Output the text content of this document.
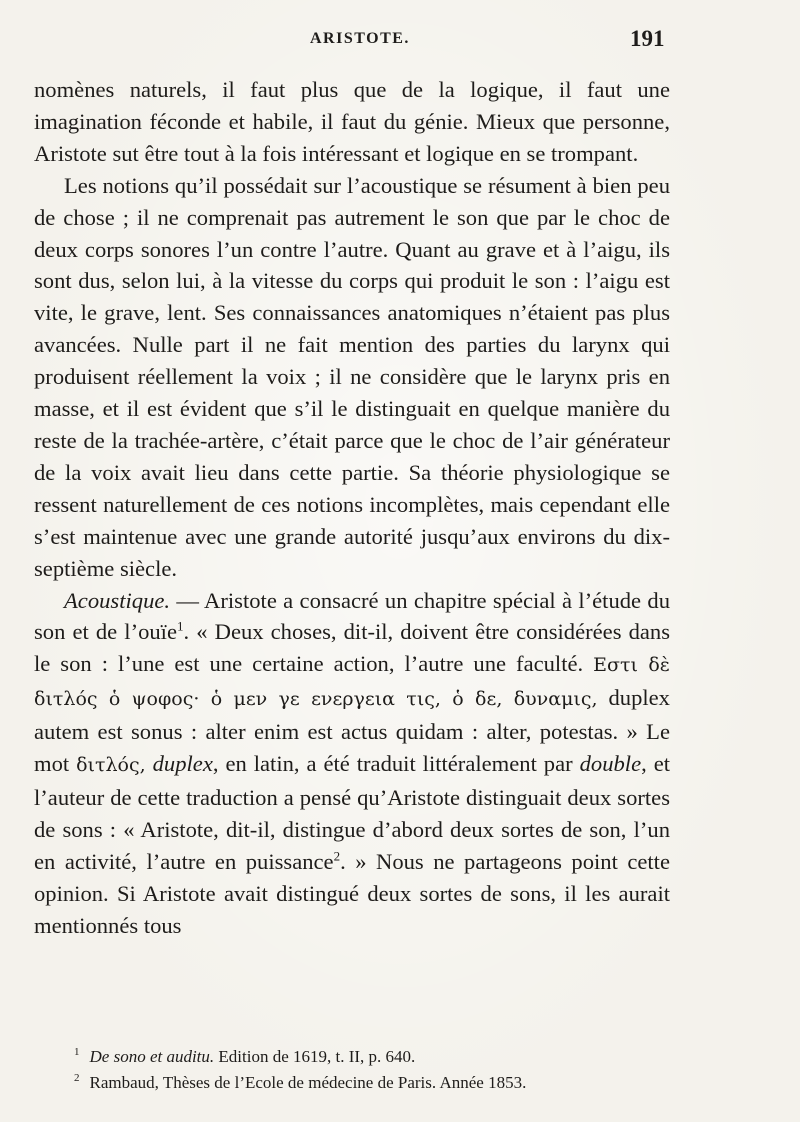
ARISTOTE.	191

nomènes naturels, il faut plus que de la logique, il faut une imagination féconde et habile, il faut du génie. Mieux que personne, Aristote sut être tout à la fois intéressant et logique en se trompant.

Les notions qu’il possédait sur l’acoustique se résument à bien peu de chose ; il ne comprenait pas autrement le son que par le choc de deux corps sonores l’un contre l’autre. Quant au grave et à l’aigu, ils sont dus, selon lui, à la vitesse du corps qui produit le son : l’aigu est vite, le grave, lent. Ses connaissances anatomiques n’étaient pas plus avancées. Nulle part il ne fait mention des parties du larynx qui produisent réellement la voix ; il ne considère que le larynx pris en masse, et il est évident que s’il le distinguait en quelque manière du reste de la trachée-artère, c’était parce que le choc de l’air générateur de la voix avait lieu dans cette partie. Sa théorie physiologique se ressent naturellement de ces notions incomplètes, mais cependant elle s’est maintenue avec une grande autorité jusqu’aux environs du dix-septième siècle.

Acoustique. — Aristote a consacré un chapitre spécial à l’étude du son et de l’ouïe$^1$. « Deux choses, dit-il, doivent être considérées dans le son : l’une est une certaine action, l’autre une faculté. Εστι δὲ διτλός ὁ ψοφος· ὁ μεν γε ενεργεια τις, ὁ δε, δυναμις, duplex autem est sonus : alter enim est actus quidam : alter, potestas. » Le mot διτλός, duplex, en latin, a été traduit littéralement par double, et l’auteur de cette traduction a pensé qu’Aristote distinguait deux sortes de sons : « Aristote, dit-il, distingue d’abord deux sortes de son, l’un en activité, l’autre en puissance$^2$. » Nous ne partageons point cette opinion. Si Aristote avait distingué deux sortes de sons, il les aurait mentionnés tous

$^1$ De sono et auditu. Edition de 1619, t. II, p. 640.
$^2$ Rambaud, Thèses de l’Ecole de médecine de Paris. Année 1853.
